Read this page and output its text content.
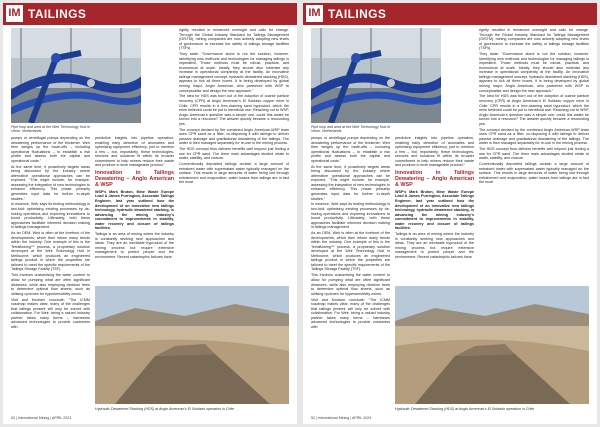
IM TAILINGS
Pipe loop and area at the Weir Technology Hub in Venlo, Netherlands

pumps or centrifugal pumps depending on the dewatering performance of the thickener. Weir then weighs up the trade-offs – including operational fluctuations – to establish a risk profile and assess both the capital and operational costs."

At the same time, it proactively targets areas being discussed by the industry where alternative operational approaches can be explored. "This might include, for example, assessing the integration of new technologies to enhance efficiency. This phase primarily generates input data for further in-depth studies."

In essence, Weir says its testing methodology is two-fold: optimising existing processes by de-risking operations and exploring innovations to boost productivity. Ultimately, both these approaches facilitate informed decision making in tailings management.

As an OEM, Weir is often at the forefront of the developments, which then inform many trends within the industry. One example of this is the Terraflowing™ process, a proprietary solution developed at the Weir Technology Hub in Melbourne, which produces an engineered tailings product in which the properties are tailored to meet the specific requirements of the Tailings Storage Facility (TSF).

This involves customising the water content to allow for pumping what are often significant distances, while also employing decision trees to determine optimal flow sheets, such as utilising cyclones for hypersensitivity zones.

Visit and Knutsen conclude: "The ICMM roadmap makes clear, many of the challenges that tailings present will only be solved with collaboration. For Weir, being a valued industry partner takes many forms – harnesses advanced technologies to provide customers with

predictive insights into pipeline operation, enabling early detection of anomalies and optimising equipment efficiency, just to mention a few – but, importantly, these technologies, services and solutions fit within its broader commitment to help miners reduce their waste and produce a more manageable product."

Innovation in Tailings Dewatering – Anglo American & WSP

WSP's Mark Bruton, Mine Waste Europe Lead & James Purrington, Associate Tailings Engineer, last year outlined how the development of an innovative new tailings technology, hydraulic dewatered stacking, is advancing the mining industry's commitment to improvements in stability, water recovery and closure of tailings facilities.

Tailings is an area of mining where the industry is constantly seeking new approaches and ideas. They are an inevitable byproduct of the mining process but require extensive management to protect people and the environment. Recent catastrophic failures have

rightly resulted in enhanced oversight and calls for change. Through the Global Industry Standard for Tailings Management (GISTM), mining companies are now actively adopting new levels of governance to increase the safety of tailings storage facilities (TSFs).

They state: "Governance alone is not the solution, however. Identifying new methods and technologies for managing tailings is imperative. Those methods must be robust, practical, and economical at scale. Ideally, they should also minimise any increase in operational complexity at the facility. An innovative tailings management concept, hydraulic dewatered stacking (HDS), appears to tick all three boxes. It is being developed by global mining major, Anglo American, who partnered with WSP to conceptualise and design the new approach."

The idea for HDS was born out of the adoption of coarse particle recovery (CPR) at Anglo American's El Soldado copper mine in Chile. CPR results in a free-draining sand byproduct, which the mine believed could be put to beneficial use. Reaching out to WSP, Anglo American's question was a simple one: could this waste be turned into a resource? The answer quickly became a resounding yes.

The concept devised by the combined Anglo American-WSP team uses CPR sand as a filter, co-disposing it with tailings to deliver passive drainage and gravitational dewatering of the tailings. The water is then managed separately for re-use in the mining process.

The HDS concept thus delivers benefits well beyond just finding a use for CPR sand. The three main advantages studied relate to water, stability, and closure.

Conventionally deposited tailings contain a large amount of entrained water with supernatant water typically managed on the surface. This results in large amounts of water being lost through entrainment and evaporation; water losses from tailings are in fact the most

Hydraulic Dewatered Stacking (HDS) at Anglo American's El Soldado operation in Chile
52 | International Mining | APRIL 2024
IM TAILINGS
Pipe loop and area at the Weir Technology Hub in Venlo, Netherlands

pumps or centrifugal pumps depending on the dewatering performance of the thickener. Weir then weighs up the trade-offs – including operational fluctuations – to establish a risk profile and assess both the capital and operational costs."

At the same time, it proactively targets areas being discussed by the industry where alternative operational approaches can be explored. "This might include, for example, assessing the integration of new technologies to enhance efficiency. This phase primarily generates input data for further in-depth studies."

In essence, Weir says its testing methodology is two-fold: optimising existing processes by de-risking operations and exploring innovations to boost productivity. Ultimately, both these approaches facilitate informed decision making in tailings management.

As an OEM, Weir is often at the forefront of the developments, which then inform many trends within the industry. One example of this is the Terraflowing™ process, a proprietary solution developed at the Weir Technology Hub in Melbourne, which produces an engineered tailings product in which the properties are tailored to meet the specific requirements of the Tailings Storage Facility (TSF).

This involves customising the water content to allow for pumping what are often significant distances, while also employing decision trees to determine optimal flow sheets, such as utilising cyclones for hypersensitivity zones.

Visit and Knutsen conclude: "The ICMM roadmap makes clear, many of the challenges that tailings present will only be solved with collaboration. For Weir, being a valued industry partner takes many forms – harnesses advanced technologies to provide customers with

predictive insights into pipeline operation, enabling early detection of anomalies and optimising equipment efficiency, just to mention a few – but, importantly, these technologies, services and solutions fit within its broader commitment to help miners reduce their waste and produce a more manageable product."

Innovation in Tailings Dewatering – Anglo American & WSP

WSP's Mark Bruton, Mine Waste Europe Lead & James Purrington, Associate Tailings Engineer, last year outlined how the development of an innovative new tailings technology, hydraulic dewatered stacking, is advancing the mining industry's commitment to improvements in stability, water recovery and closure of tailings facilities.

Tailings is an area of mining where the industry is constantly seeking new approaches and ideas. They are an inevitable byproduct of the mining process but require extensive management to protect people and the environment. Recent catastrophic failures have

rightly resulted in enhanced oversight and calls for change. Through the Global Industry Standard for Tailings Management (GISTM), mining companies are now actively adopting new levels of governance to increase the safety of tailings storage facilities (TSFs).

They state: "Governance alone is not the solution, however. Identifying new methods and technologies for managing tailings is imperative. Those methods must be robust, practical, and economical at scale. Ideally, they should also minimise any increase in operational complexity at the facility. An innovative tailings management concept, hydraulic dewatered stacking (HDS), appears to tick all three boxes. It is being developed by global mining major, Anglo American, who partnered with WSP to conceptualise and design the new approach."

The idea for HDS was born out of the adoption of coarse particle recovery (CPR) at Anglo American's El Soldado copper mine in Chile. CPR results in a free-draining sand byproduct, which the mine believed could be put to beneficial use. Reaching out to WSP, Anglo American's question was a simple one: could this waste be turned into a resource? The answer quickly became a resounding yes.

The concept devised by the combined Anglo American-WSP team uses CPR sand as a filter, co-disposing it with tailings to deliver passive drainage and gravitational dewatering of the tailings. The water is then managed separately for re-use in the mining process.

The HDS concept thus delivers benefits well beyond just finding a use for CPR sand. The three main advantages studied relate to water, stability, and closure.

Conventionally deposited tailings contain a large amount of entrained water with supernatant water typically managed on the surface. This results in large amounts of water being lost through entrainment and evaporation; water losses from tailings are in fact the most

Hydraulic Dewatered Stacking (HDS) at Anglo American's El Soldado operation in Chile
52 | International Mining | APRIL 2024
